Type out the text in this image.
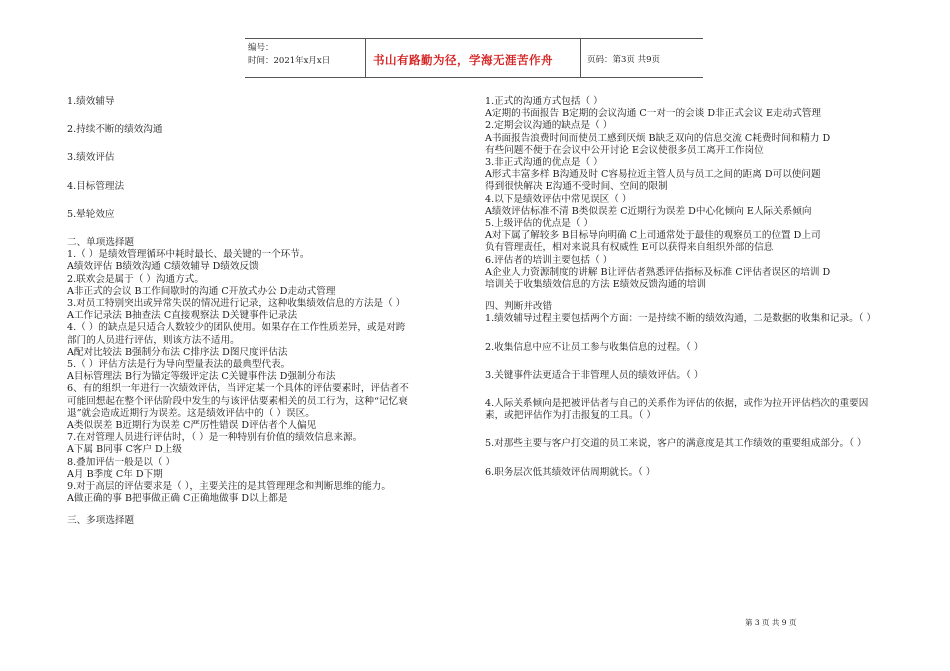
编号：
时间：2021年x月x日	书山有路勤为径，学海无涯苦作舟	页码：第3页 共9页

1.绩效辅导

2.持续不断的绩效沟通

3.绩效评估

4.目标管理法

5.晕轮效应

二、单项选择题

1.（ ）是绩效管理循环中耗时最长、最关键的一个环节。

A绩效评估 B绩效沟通 C绩效辅导 D绩效反馈

2.联欢会是属于（ ）沟通方式。

A非正式的会议 B工作间歇时的沟通 C开放式办公 D走动式管理

3.对员工特别突出或异常失误的情况进行记录，这种收集绩效信息的方法是（ ）

A工作记录法 B抽查法 C直接观察法 D关键事件记录法

4.（ ）的缺点是只适合人数较少的团队使用。如果存在工作性质差异，或是对跨

部门的人员进行评估，则该方法不适用。

A配对比较法 B强制分布法 C排序法 D图尺度评估法

5.（ ）评估方法是行为导向型量表法的最典型代表。

A目标管理法 B行为锚定等级评定法 C关键事件法 D强制分布法

6、有的组织一年进行一次绩效评估，当评定某一个具体的评估要素时，评估者不

可能回想起在整个评估阶段中发生的与该评估要素相关的员工行为，这种“记忆衰

退”就会造成近期行为误差。这是绩效评估中的（ ）误区。

A类似误差 B近期行为误差 C严厉性错误 D评估者个人偏见

7.在对管理人员进行评估时，（ ）是一种特别有价值的绩效信息来源。

A下属 B同事 C客户 D上级

8.叠加评估一般是以（ ）

A月 B季度 C年 D下期

9.对于高层的评估要求是（ ），主要关注的是其管理理念和判断思维的能力。

A做正确的事 B把事做正确 C正确地做事 D以上都是

三、多项选择题

1.正式的沟通方式包括（ ）

A定期的书面报告 B定期的会议沟通 C一对一的会谈 D非正式会议 E走动式管理

2.定期会议沟通的缺点是（ ）

A书面报告浪费时间而使员工感到厌烦 B缺乏双向的信息交流 C耗费时间和精力 D

有些问题不便于在会议中公开讨论 E会议使很多员工离开工作岗位

3.非正式沟通的优点是（ ）

A形式丰富多样 B沟通及时 C容易拉近主管人员与员工之间的距离 D可以使问题

得到很快解决 E沟通不受时间、空间的限制

4.以下是绩效评估中常见误区（ ）

A绩效评估标准不清 B类似误差 C近期行为误差 D中心化倾向 E人际关系倾向

5.上级评估的优点是（ ）

A对下属了解较多 B目标导向明确 C上司通常处于最佳的观察员工的位置 D上司

负有管理责任，相对来说具有权威性 E可以获得来自组织外部的信息

6.评估者的培训主要包括（ ）

A企业人力资源制度的讲解 B让评估者熟悉评估指标及标准 C评估者误区的培训 D

培训关于收集绩效信息的方法 E绩效反馈沟通的培训

四、判断并改错

1.绩效辅导过程主要包括两个方面：一是持续不断的绩效沟通，二是数据的收集和记录。（ ）

2.收集信息中应不让员工参与收集信息的过程。（ ）

3.关键事件法更适合于非管理人员的绩效评估。（ ）

4.人际关系倾向是把被评估者与自己的关系作为评估的依据，或作为拉开评估档次的重要因素，或把评估作为打击报复的工具。（ ）

5.对那些主要与客户打交道的员工来说，客户的满意度是其工作绩效的重要组成部分。（ ）

6.职务层次低其绩效评估周期就长。（ ）

第 3 页 共 9 页
